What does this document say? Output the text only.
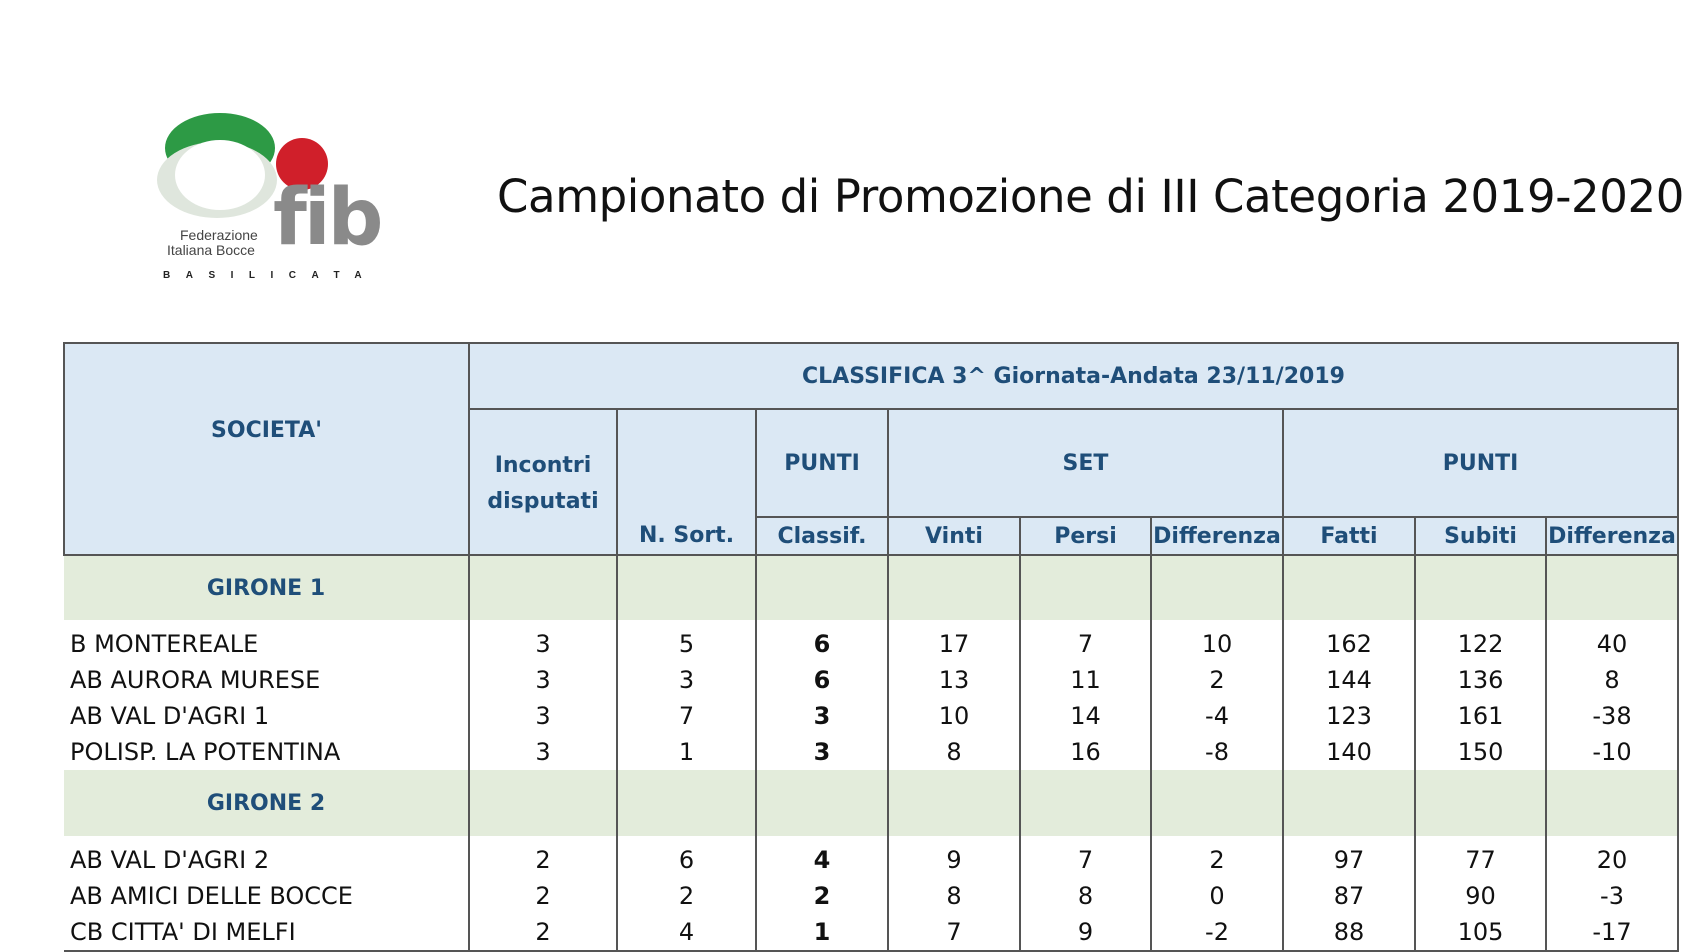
Federazione
Italiana Bocce fib
BASILICATA
Campionato di Promozione di III Categoria 2019-2020
SOCIETA'	CLASSIFICA 3^ Giornata-Andata 23/11/2019								

	Incontri
disputati	N. Sort.	PUNTI	SET			PUNTI		
			Classif.	Vinti	Persi	Differenza	Fatti	Subiti	Differenza
GIRONE 1									
B MONTEREALE	3	5	6	17	7	10	162	122	40
AB AURORA MURESE	3	3	6	13	11	2	144	136	8
AB VAL D'AGRI 1	3	7	3	10	14	-4	123	161	-38
POLISP. LA POTENTINA	3	1	3	8	16	-8	140	150	-10
GIRONE 2									
AB VAL D'AGRI 2	2	6	4	9	7	2	97	77	20
AB AMICI DELLE BOCCE	2	2	2	8	8	0	87	90	-3
CB CITTA' DI MELFI	2	4	1	7	9	-2	88	105	-17
